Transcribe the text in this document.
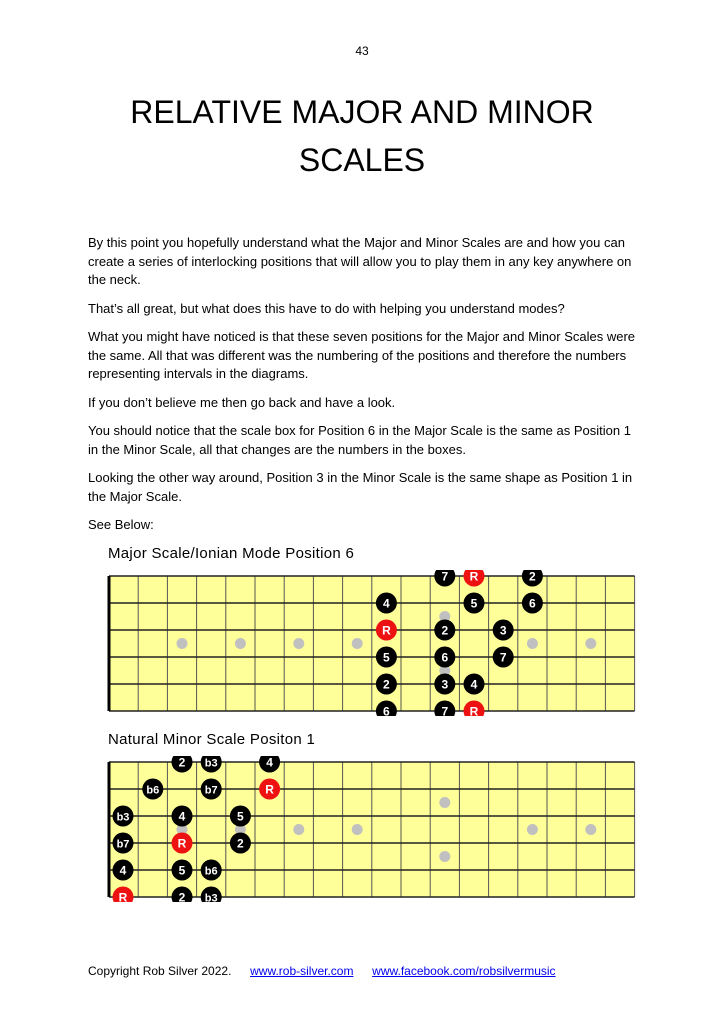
43
RELATIVE MAJOR AND MINOR
SCALES

By this point you hopefully understand what the Major and Minor Scales are and how you can create a series of interlocking positions that will allow you to play them in any key anywhere on the neck.

That’s all great, but what does this have to do with helping you understand modes?

What you might have noticed is that these seven positions for the Major and Minor Scales were the same. All that was different was the numbering of the positions and therefore the numbers representing intervals in the diagrams.

If you don’t believe me then go back and have a look.

You should notice that the scale box for Position 6 in the Major Scale is the same as Position 1 in the Minor Scale, all that changes are the numbers in the boxes.

Looking the other way around, Position 3 in the Minor Scale is the same shape as Position 1 in the Major Scale.

See Below:

Major Scale/Ionian Mode Position 6
7 R	2
4	5	6
R	2	3
5	6	7
2	3 4
6	7 R
Natural Minor Scale Positon 1
2 b3	4
b6	b7	R
b3	4	5
b7	R	2
4	5 b6
R	2 b3
Copyright Rob Silver 2022. www.rob-silver.com www.facebook.com/robsilvermusic
